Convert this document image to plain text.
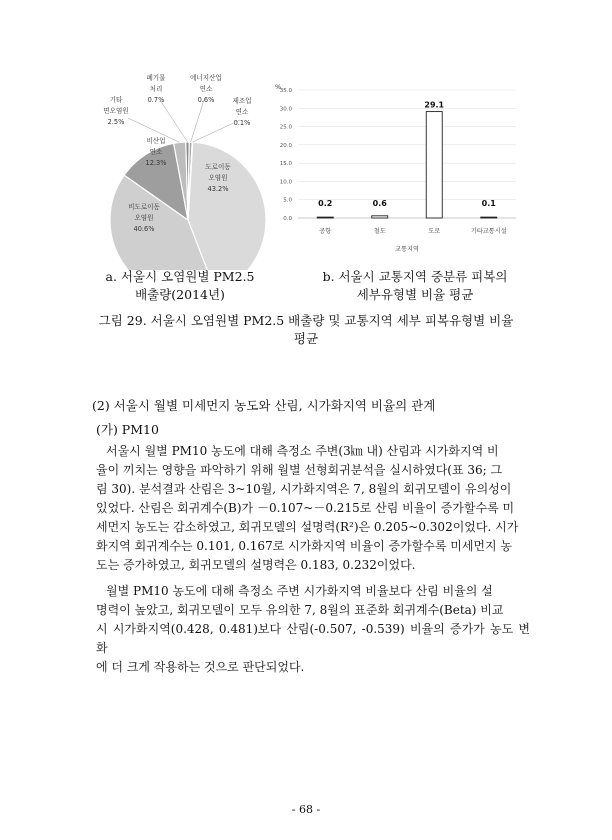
도로이동
오염원
43.2%
비도로이동
오염원
40.6%
비산업
연소
12.3%
기타
면오염원
2.5%
폐기물
처리
0.7%
에너지산업
연소
0.6%	제조업
연소
0.1%
0.0
5.0
10.0
15.0
20.0
25.0
30.0
35.0
%
0.2
공항
0.6
철도
29.1
도로
0.1
기타교통시설
교통지역
a. 서울시 오염원별 PM2.5
배출량(2014년)
b. 서울시 교통지역 중분류 피복의
세부유형별 비율 평균
그림 29. 서울시 오염원별 PM2.5 배출량 및 교통지역 세부 피복유형별 비율
평균
(2) 서울시 월별 미세먼지 농도와 산림, 시가화지역 비율의 관계
(가) PM10
서울시 월별 PM10 농도에 대해 측정소 주변(3㎞ 내) 산림과 시가화지역 비
율이 끼치는 영향을 파악하기 위해 월별 선형회귀분석을 실시하였다(표 36; 그
림 30). 분석결과 산림은 3~10월, 시가화지역은 7, 8월의 회귀모델이 유의성이
있었다. 산림은 회귀계수(B)가 －0.107~－0.215로 산림 비율이 증가할수록 미
세먼지 농도는 감소하였고, 회귀모델의 설명력(R²)은 0.205~0.302이었다. 시가
화지역 회귀계수는 0.101, 0.167로 시가화지역 비율이 증가할수록 미세먼지 농
도는 증가하였고, 회귀모델의 설명력은 0.183, 0.232이었다.
월별 PM10 농도에 대해 측정소 주변 시가화지역 비율보다 산림 비율의 설
명력이 높았고, 회귀모델이 모두 유의한 7, 8월의 표준화 회귀계수(Beta) 비교
시 시가화지역(0.428, 0.481)보다 산림(-0.507, -0.539) 비율의 증가가 농도 변화
에 더 크게 작용하는 것으로 판단되었다.
- 68 -
